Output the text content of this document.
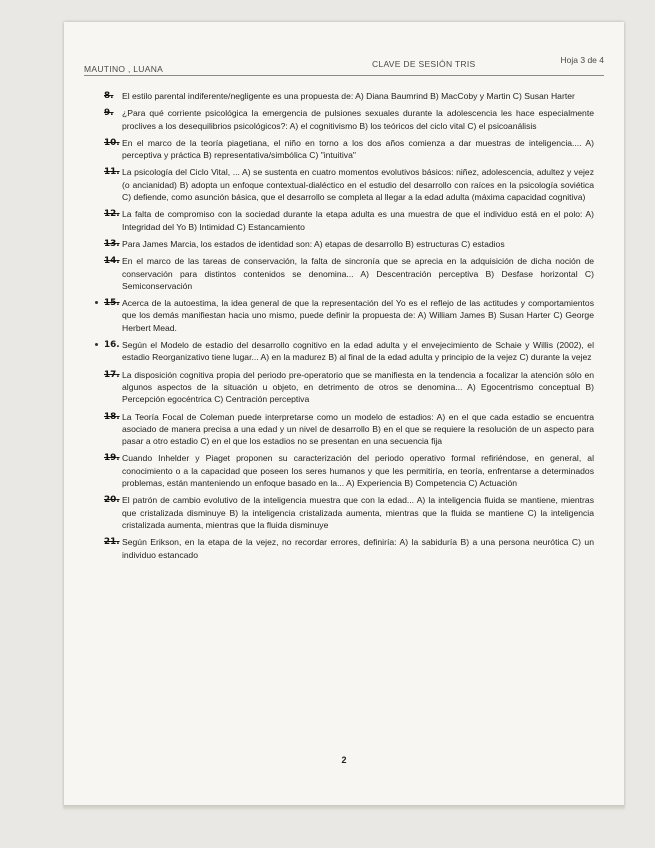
MAUTINO , LUANA	CLAVE DE SESIÓN TRIS	Hoja 3 de 4
8 .	El estilo parental indiferente/negligente es una propuesta de: A) Diana Baumrind B) MacCoby y Martin C) Susan Harter
9 .	¿Para qué corriente psicológica la emergencia de pulsiones sexuales durante la adolescencia les hace especialmente proclives a los desequilibrios psicológicos?: A) el cognitivismo B) los teóricos del ciclo vital C) el psicoanálisis
10 . En el marco de la teoría piagetiana, el niño en torno a los dos años comienza a dar muestras de inteligencia.... A) perceptiva y práctica B) representativa/simbólica C) "intuitiva"
11 . La psicología del Ciclo Vital, ... A) se sustenta en cuatro momentos evolutivos básicos: niñez, adolescencia, adultez y vejez (o ancianidad) B) adopta un enfoque contextual-dialéctico en el estudio del desarrollo con raíces en la psicología soviética C) defiende, como asunción básica, que el desarrollo se completa al llegar a la edad adulta (máxima capacidad cognitiva)
12 . La falta de compromiso con la sociedad durante la etapa adulta es una muestra de que el individuo está en el polo: A) Integridad del Yo B) Intimidad C) Estancamiento
13 . Para James Marcia, los estados de identidad son: A) etapas de desarrollo B) estructuras C) estadios
14 . En el marco de las tareas de conservación, la falta de sincronía que se aprecia en la adquisición de dicha noción de conservación para distintos contenidos se denomina... A) Descentración perceptiva B) Desfase horizontal C) Semiconservación
15 . Acerca de la autoestima, la idea general de que la representación del Yo es el reflejo de las actitudes y comportamientos que los demás manifiestan hacia uno mismo, puede definir la propuesta de: A) William James B) Susan Harter C) George Herbert Mead.
16 . Según el Modelo de estadio del desarrollo cognitivo en la edad adulta y el envejecimiento de Schaie y Willis (2002), el estadio Reorganizativo tiene lugar... A) en la madurez B) al final de la edad adulta y principio de la vejez C) durante la vejez
17 . La disposición cognitiva propia del periodo pre-operatorio que se manifiesta en la tendencia a focalizar la atención sólo en algunos aspectos de la situación u objeto, en detrimento de otros se denomina... A) Egocentrismo conceptual B) Percepción egocéntrica C) Centración perceptiva
18 . La Teoría Focal de Coleman puede interpretarse como un modelo de estadios: A) en el que cada estadio se encuentra asociado de manera precisa a una edad y un nivel de desarrollo B) en el que se requiere la resolución de un aspecto para pasar a otro estadio C) en el que los estadios no se presentan en una secuencia fija
19 . Cuando Inhelder y Piaget proponen su caracterización del periodo operativo formal refiriéndose, en general, al conocimiento o a la capacidad que poseen los seres humanos y que les permitiría, en teoría, enfrentarse a determinados problemas, están manteniendo un enfoque basado en la... A) Experiencia B) Competencia C) Actuación
20 . El patrón de cambio evolutivo de la inteligencia muestra que con la edad... A) la inteligencia fluida se mantiene, mientras que cristalizada disminuye B) la inteligencia cristalizada aumenta, mientras que la fluida se mantiene C) la inteligencia cristalizada aumenta, mientras que la fluida disminuye
21 . Según Erikson, en la etapa de la vejez, no recordar errores, definiría: A) la sabiduría B) a una persona neurótica C) un individuo estancado
2
